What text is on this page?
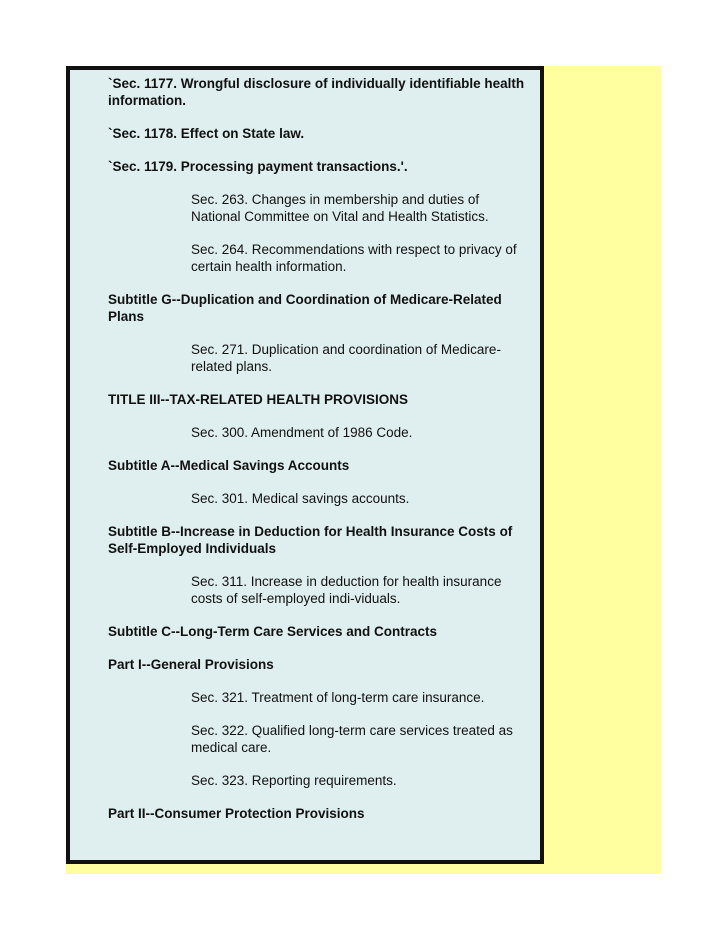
`Sec. 1177. Wrongful disclosure of individually identifiable health information.

`Sec. 1178. Effect on State law.

`Sec. 1179. Processing payment transactions.'.

Sec. 263. Changes in membership and duties of National Committee on Vital and Health Statistics.

Sec. 264. Recommendations with respect to privacy of certain health information.

Subtitle G--Duplication and Coordination of Medicare-Related Plans

Sec. 271. Duplication and coordination of Medicare-related plans.

TITLE III--TAX-RELATED HEALTH PROVISIONS

Sec. 300. Amendment of 1986 Code.

Subtitle A--Medical Savings Accounts

Sec. 301. Medical savings accounts.

Subtitle B--Increase in Deduction for Health Insurance Costs of Self-Employed Individuals

Sec. 311. Increase in deduction for health insurance costs of self-employed indi-viduals.

Subtitle C--Long-Term Care Services and Contracts

Part I--General Provisions

Sec. 321. Treatment of long-term care insurance.

Sec. 322. Qualified long-term care services treated as medical care.

Sec. 323. Reporting requirements.

Part II--Consumer Protection Provisions
